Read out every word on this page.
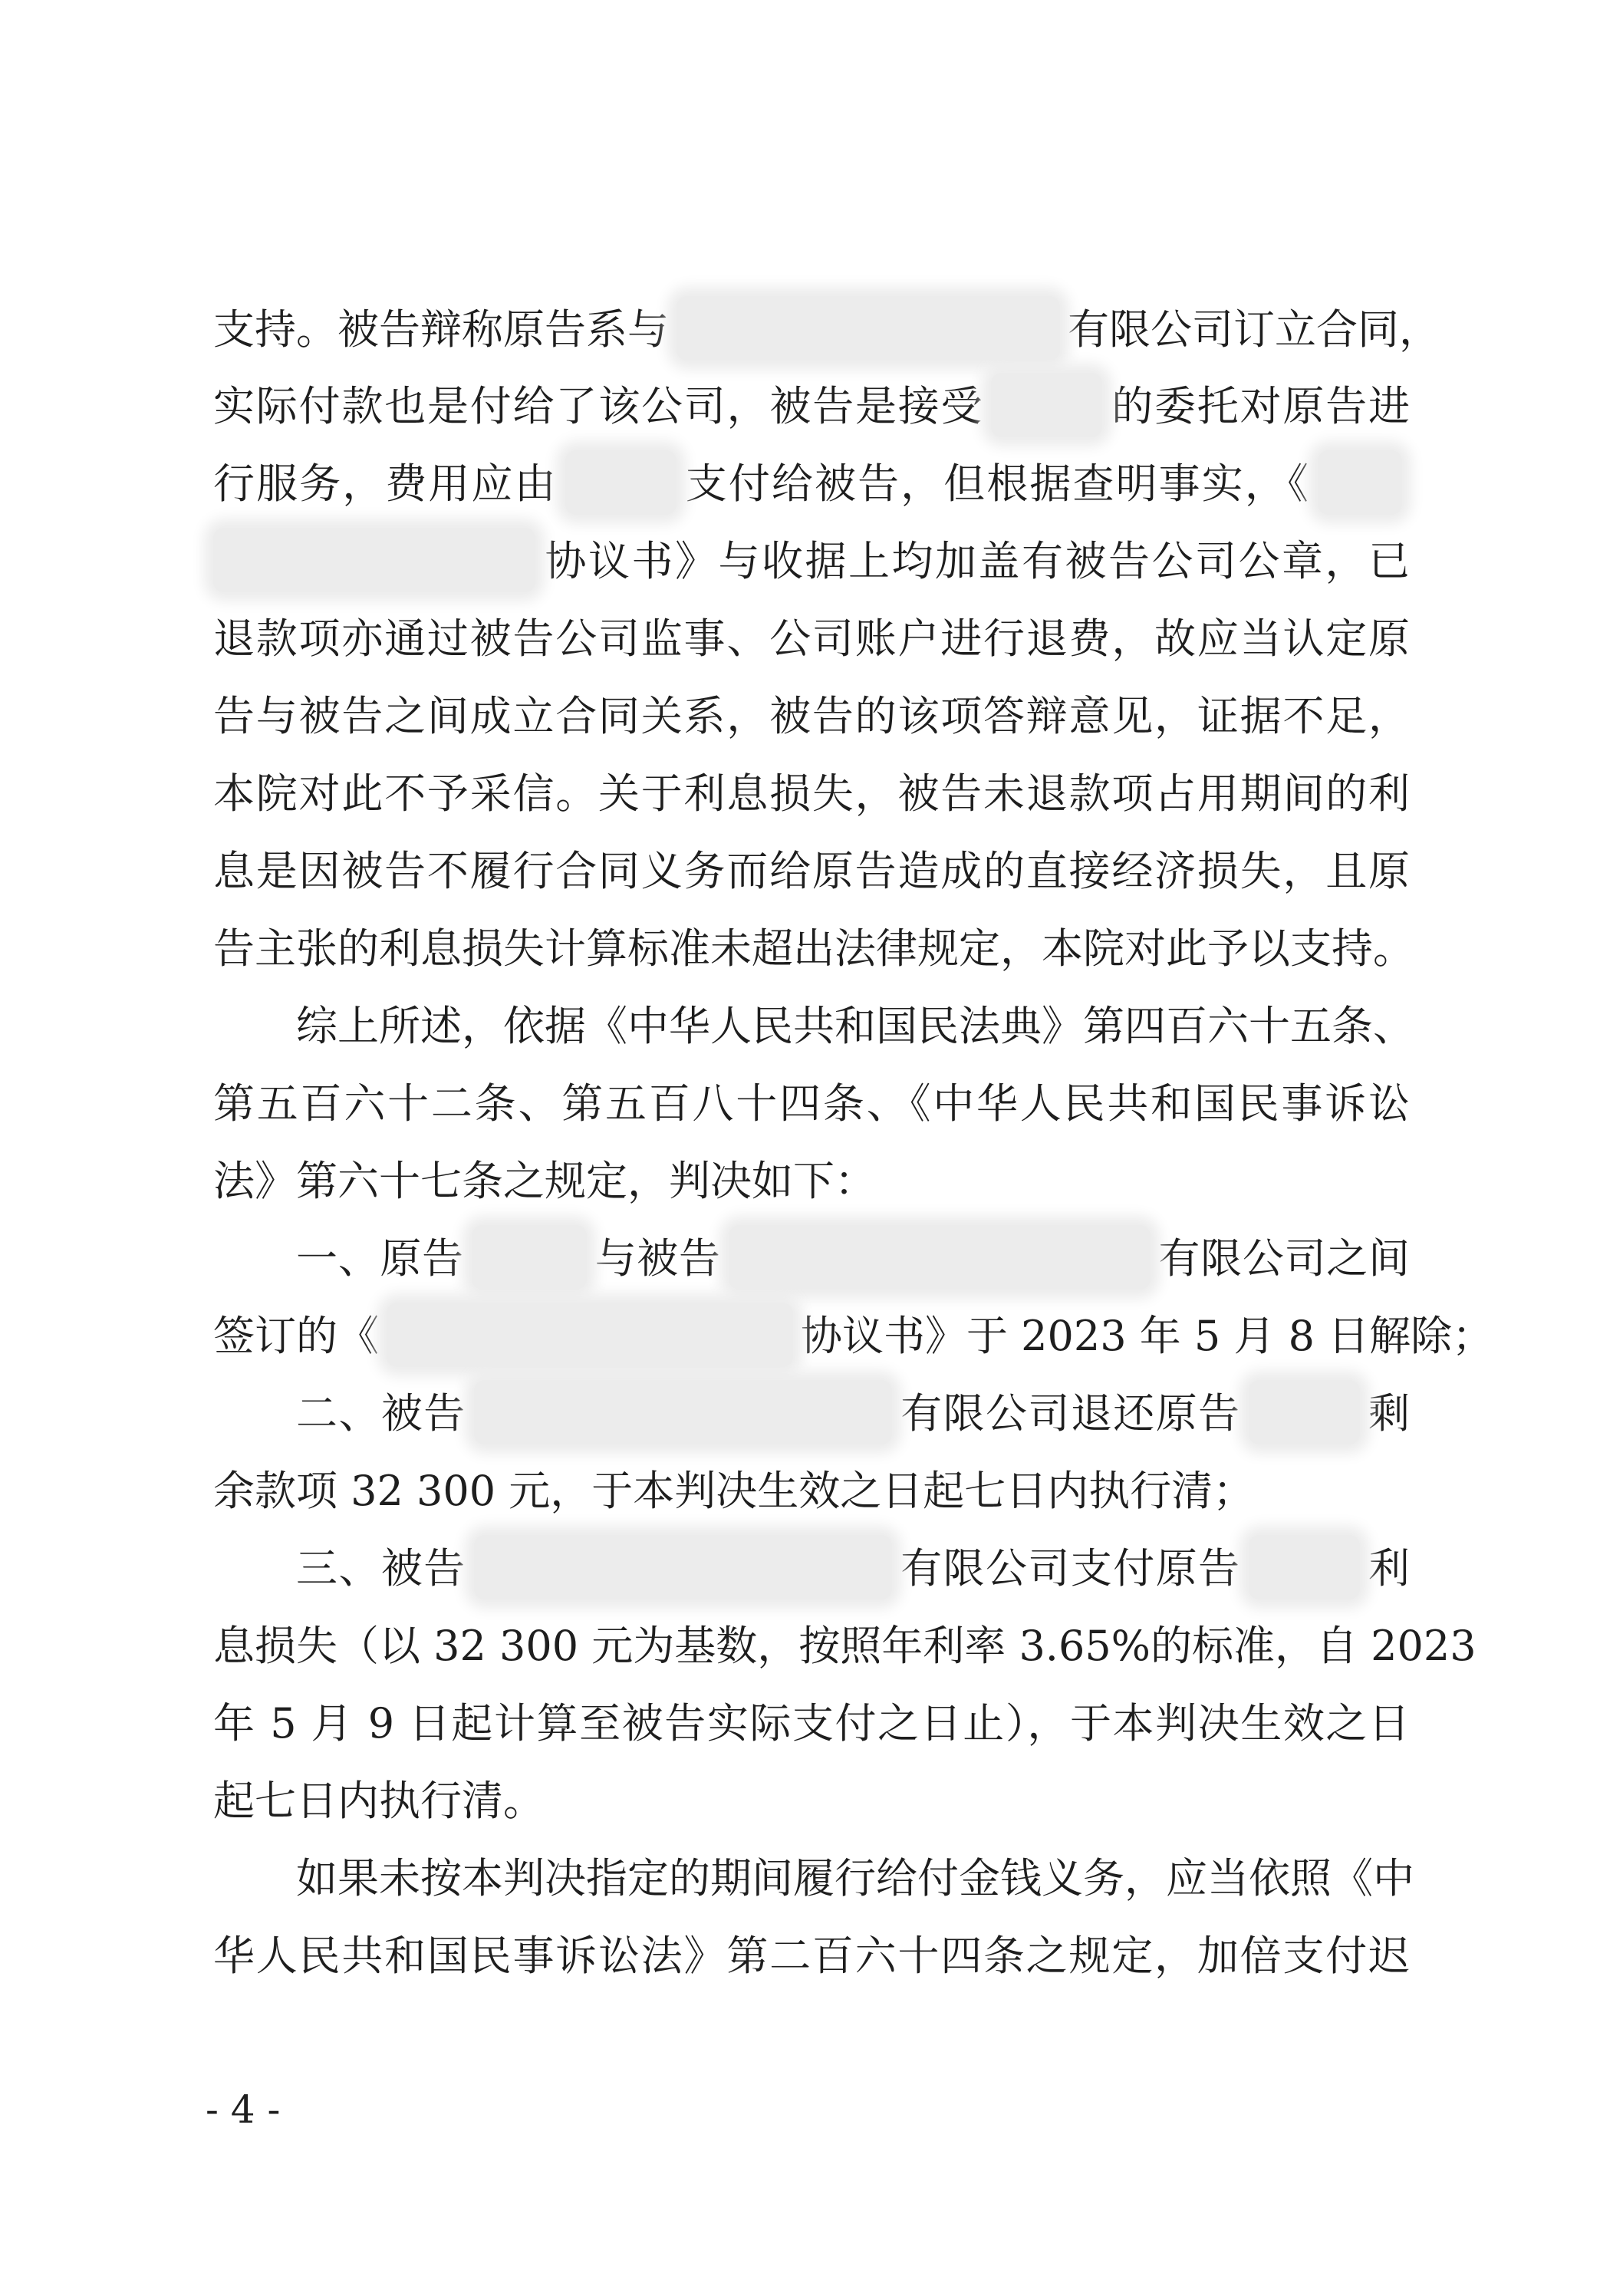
支持。被告辩称原告系与	有限公司订立合同，
实际付款也是付给了该公司，被告是接受	的委托对原告进
行服务，费用应由	支付给被告，但根据查明事实，《
协议书》与收据上均加盖有被告公司公章，已
退款项亦通过被告公司监事、公司账户进行退费，故应当认定原
告与被告之间成立合同关系，被告的该项答辩意见，证据不足，
本院对此不予采信。关于利息损失，被告未退款项占用期间的利
息是因被告不履行合同义务而给原告造成的直接经济损失，且原
告主张的利息损失计算标准未超出法律规定，本院对此予以支持。
综上所述，依据《中华人民共和国民法典》第四百六十五条、
第五百六十二条、第五百八十四条、《中华人民共和国民事诉讼
法》第六十七条之规定，判决如下：
一、原告	与被告	有限公司之间
签订的《	协议书》于 2023 年 5 月 8 日解除；
二、被告	有限公司退还原告	剩
余款项 32 300 元，于本判决生效之日起七日内执行清；
三、被告	有限公司支付原告	利
息损失（以 32 300 元为基数，按照年利率 3.65%的标准，自 2023
年 5 月 9 日起计算至被告实际支付之日止），于本判决生效之日
起七日内执行清。
如果未按本判决指定的期间履行给付金钱义务，应当依照《中
华人民共和国民事诉讼法》第二百六十四条之规定，加倍支付迟
- 4 -
